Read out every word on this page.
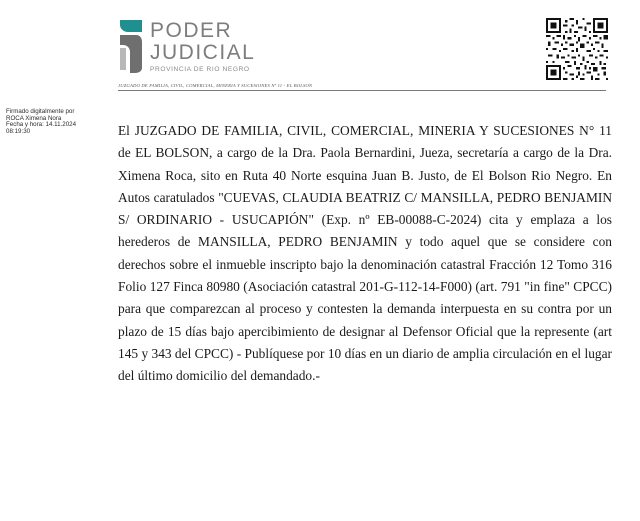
PODER
JUDICIAL
PROVINCIA DE RIO NEGRO
JUZGADO DE FAMILIA, CIVIL, COMERCIAL, MINERIA Y SUCESIONES Nº 11 - EL BOLSON
Firmado digitalmente por
ROCA Ximena Nora
Fecha y hora: 14.11.2024
08:19:30	El JUZGADO DE FAMILIA, CIVIL, COMERCIAL, MINERIA Y SUCESIONES N° 11 de EL BOLSON, a cargo de la Dra. Paola Bernardini, Jueza, secretaría a cargo de la Dra. Ximena Roca, sito en Ruta 40 Norte esquina Juan B. Justo, de El Bolson Rio Negro. En Autos caratulados "CUEVAS, CLAUDIA BEATRIZ C/ MANSILLA, PEDRO BENJAMIN S/ ORDINARIO - USUCAPIÓN" (Exp. nº EB-00088-C-2024) cita y emplaza a los herederos de MANSILLA, PEDRO BENJAMIN y todo aquel que se considere con derechos sobre el inmueble inscripto bajo la denominación catastral Fracción 12 Tomo 316 Folio 127 Finca 80980 (Asociación catastral 201-G-112-14-F000) (art. 791 "in fine" CPCC) para que comparezcan al proceso y contesten la demanda interpuesta en su contra por un plazo de 15 días bajo apercibimiento de designar al Defensor Oficial que la represente (art 145 y 343 del CPCC) - Publíquese por 10 días en un diario de amplia circulación en el lugar del último domicilio del demandado.-
